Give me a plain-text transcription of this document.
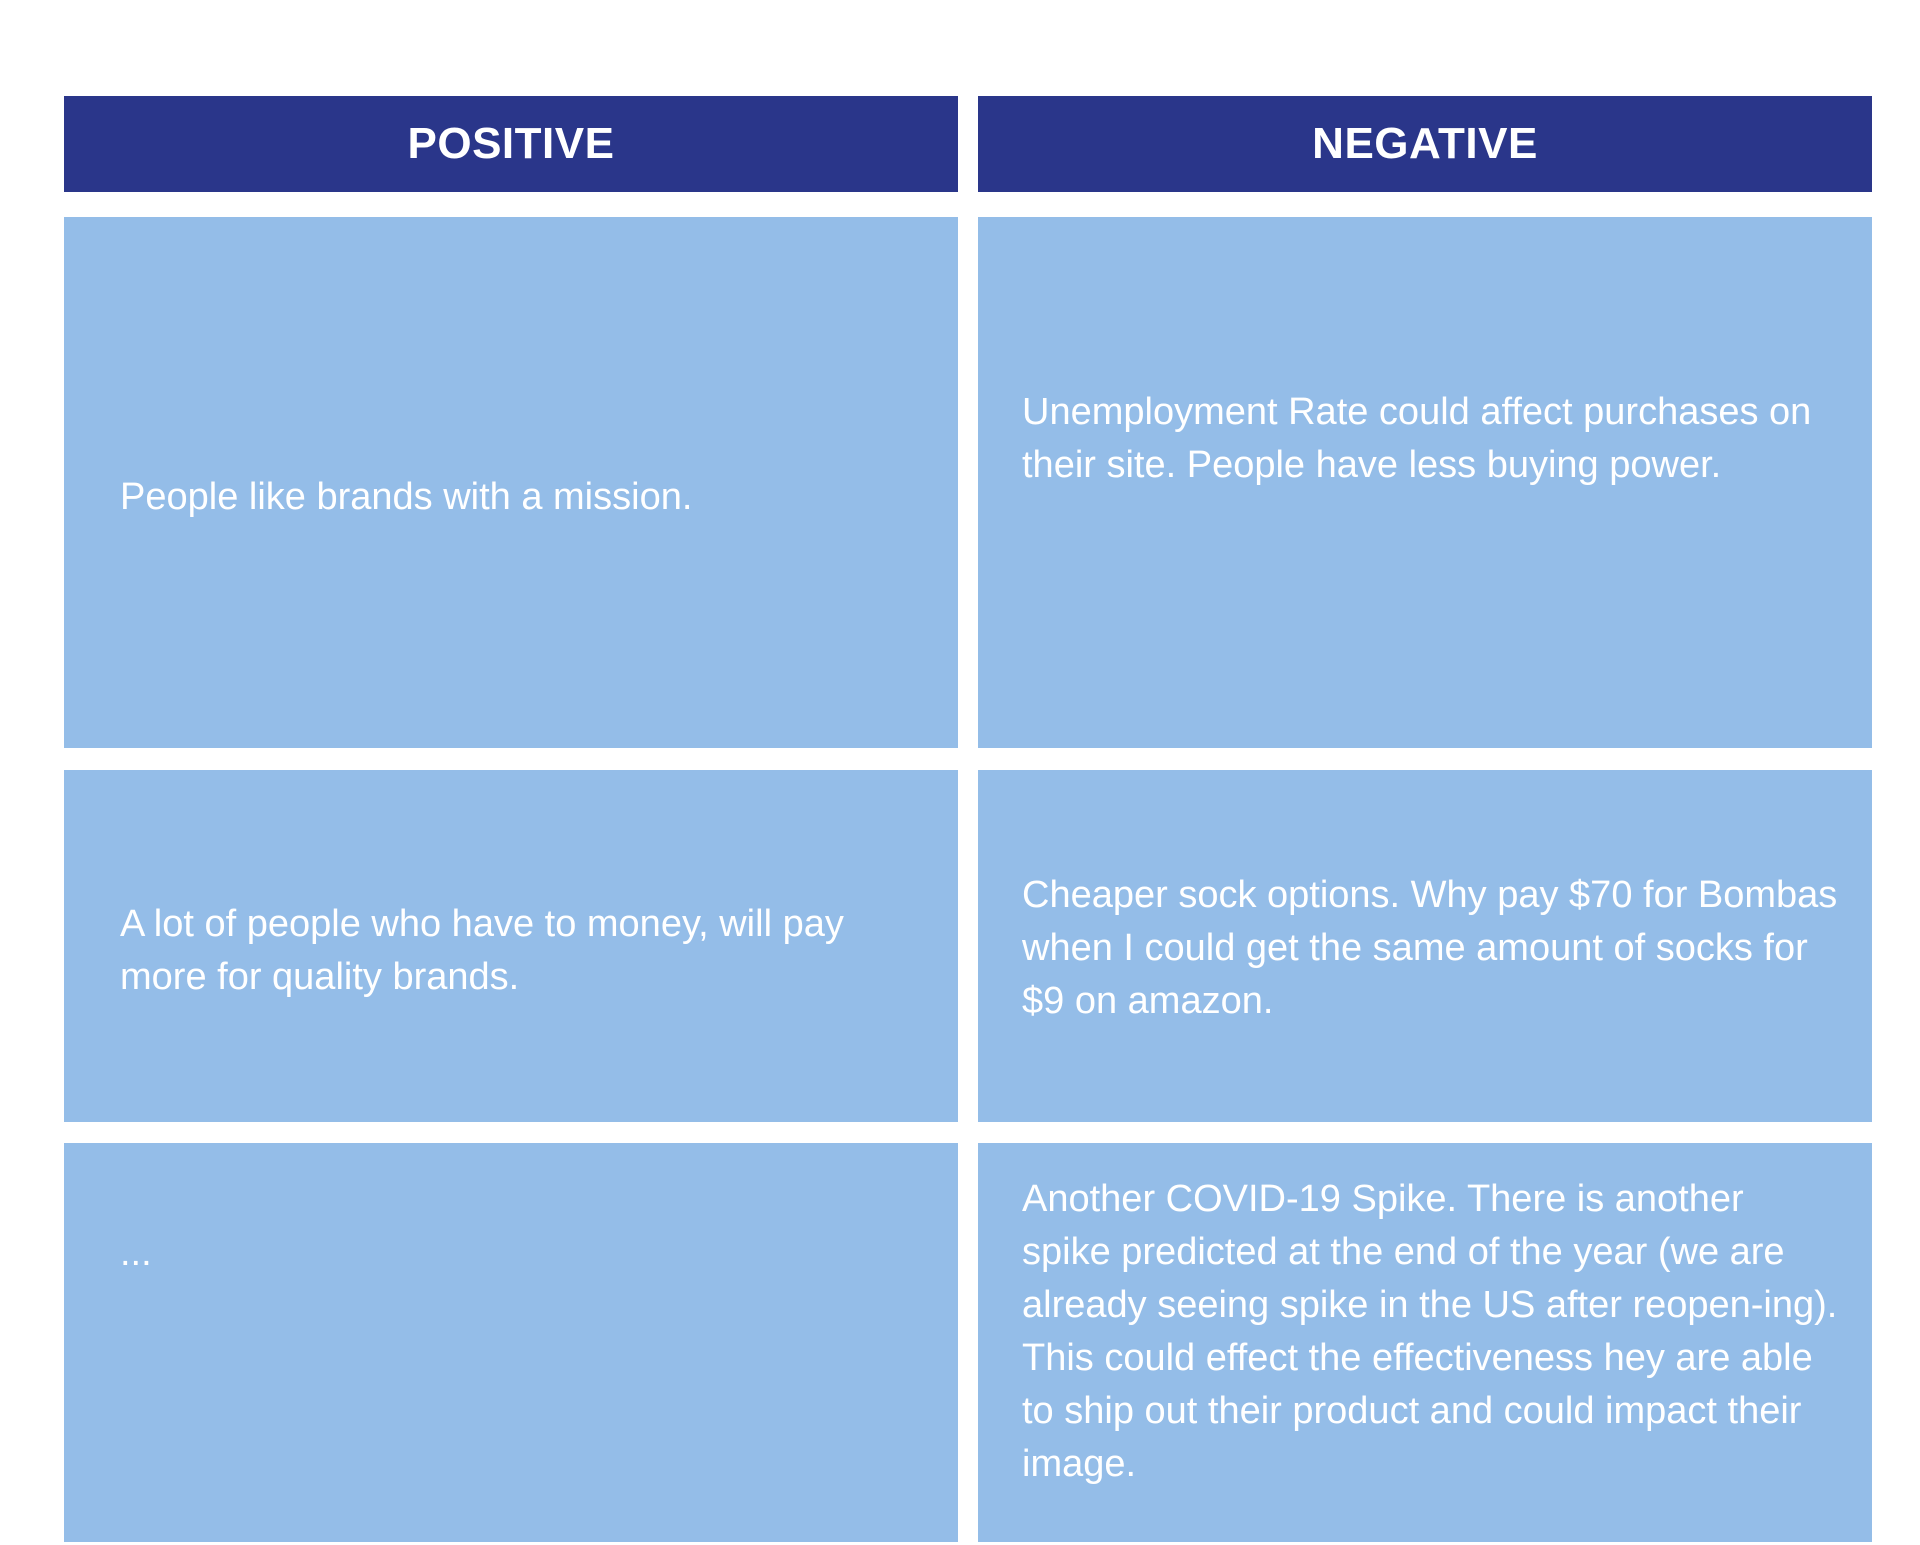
POSITIVE	NEGATIVE
People like brands with a mission.
Unemployment Rate could affect purchases on their site. People have less buying power.
A lot of people who have to money, will pay more for quality brands.
Cheaper sock options. Why pay $70 for Bombas when I could get the same amount of socks for $9 on amazon.
...
Another COVID-19 Spike. There is another spike predicted at the end of the year (we are already seeing spike in the US after reopen-ing). This could effect the effectiveness hey are able to ship out their product and could impact their image.
